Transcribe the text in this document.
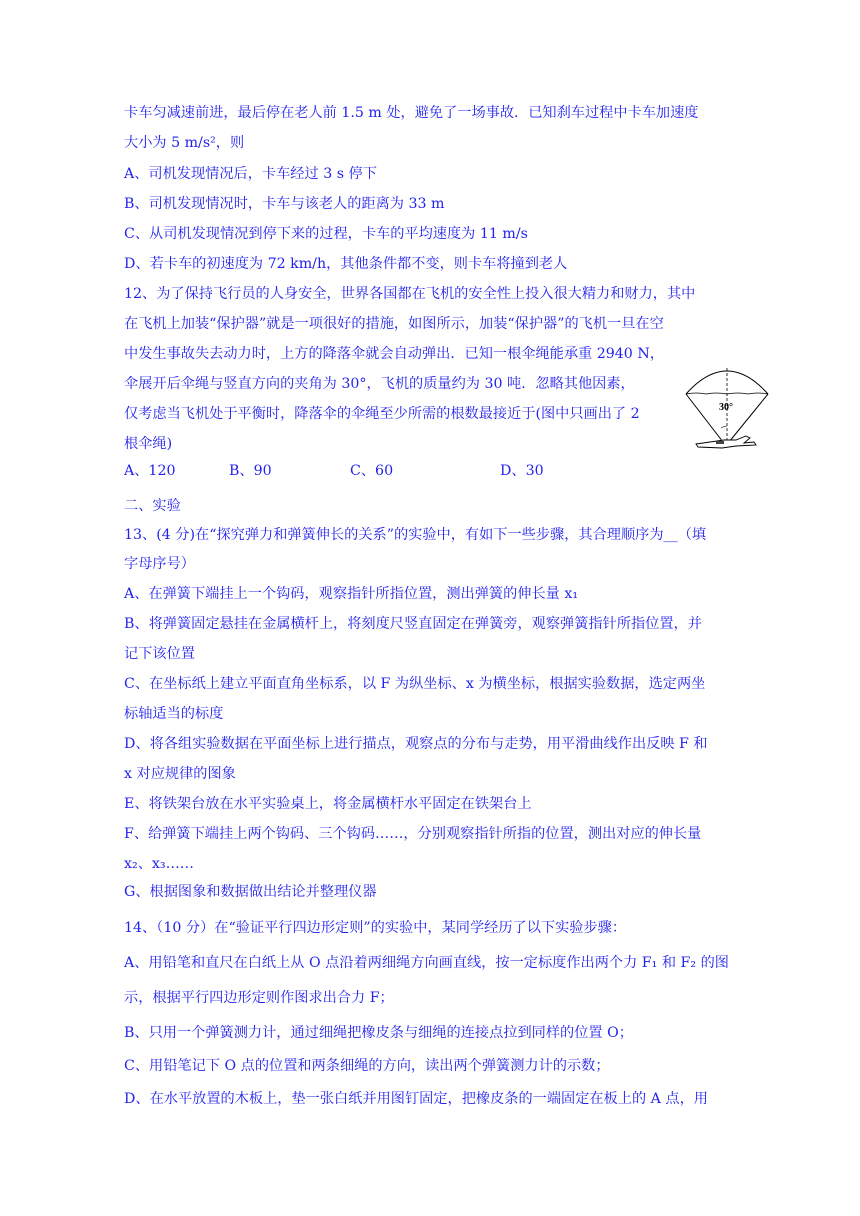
卡车匀减速前进，最后停在老人前 1.5 m 处，避免了一场事故．已知刹车过程中卡车加速度
大小为 5 m/s²，则
A、司机发现情况后，卡车经过 3 s 停下
B、司机发现情况时，卡车与该老人的距离为 33 m
C、从司机发现情况到停下来的过程，卡车的平均速度为 11 m/s
D、若卡车的初速度为 72 km/h，其他条件都不变，则卡车将撞到老人
12、为了保持飞行员的人身安全，世界各国都在飞机的安全性上投入很大精力和财力，其中
在飞机上加装“保护器”就是一项很好的措施，如图所示，加装“保护器”的飞机一旦在空
中发生事故失去动力时，上方的降落伞就会自动弹出．已知一根伞绳能承重 2940 N，
伞展开后伞绳与竖直方向的夹角为 30°，飞机的质量约为 30 吨．忽略其他因素，
仅考虑当飞机处于平衡时，降落伞的伞绳至少所需的根数最接近于(图中只画出了 2
根伞绳)
A、120	B、90	C、60	D、30
二、实验
13、(4 分)在“探究弹力和弹簧伸长的关系”的实验中，有如下一些步骤，其合理顺序为__（填
字母序号）
A、在弹簧下端挂上一个钩码，观察指针所指位置，测出弹簧的伸长量 x₁
B、将弹簧固定悬挂在金属横杆上，将刻度尺竖直固定在弹簧旁，观察弹簧指针所指位置，并
记下该位置
C、在坐标纸上建立平面直角坐标系，以 F 为纵坐标、x 为横坐标，根据实验数据，选定两坐
标轴适当的标度
D、将各组实验数据在平面坐标上进行描点，观察点的分布与走势，用平滑曲线作出反映 F 和
x 对应规律的图象
E、将铁架台放在水平实验桌上，将金属横杆水平固定在铁架台上
F、给弹簧下端挂上两个钩码、三个钩码……，分别观察指针所指的位置，测出对应的伸长量
x₂、x₃……
G、根据图象和数据做出结论并整理仪器
14、（10 分）在“验证平行四边形定则”的实验中，某同学经历了以下实验步骤：
A、用铅笔和直尺在白纸上从 O 点沿着两细绳方向画直线，按一定标度作出两个力 F₁ 和 F₂ 的图
示，根据平行四边形定则作图求出合力 F；
B、只用一个弹簧测力计，通过细绳把橡皮条与细绳的连接点拉到同样的位置 O；
C、用铅笔记下 O 点的位置和两条细绳的方向，读出两个弹簧测力计的示数；
D、在水平放置的木板上，垫一张白纸并用图钉固定，把橡皮条的一端固定在板上的 A 点，用
30°
